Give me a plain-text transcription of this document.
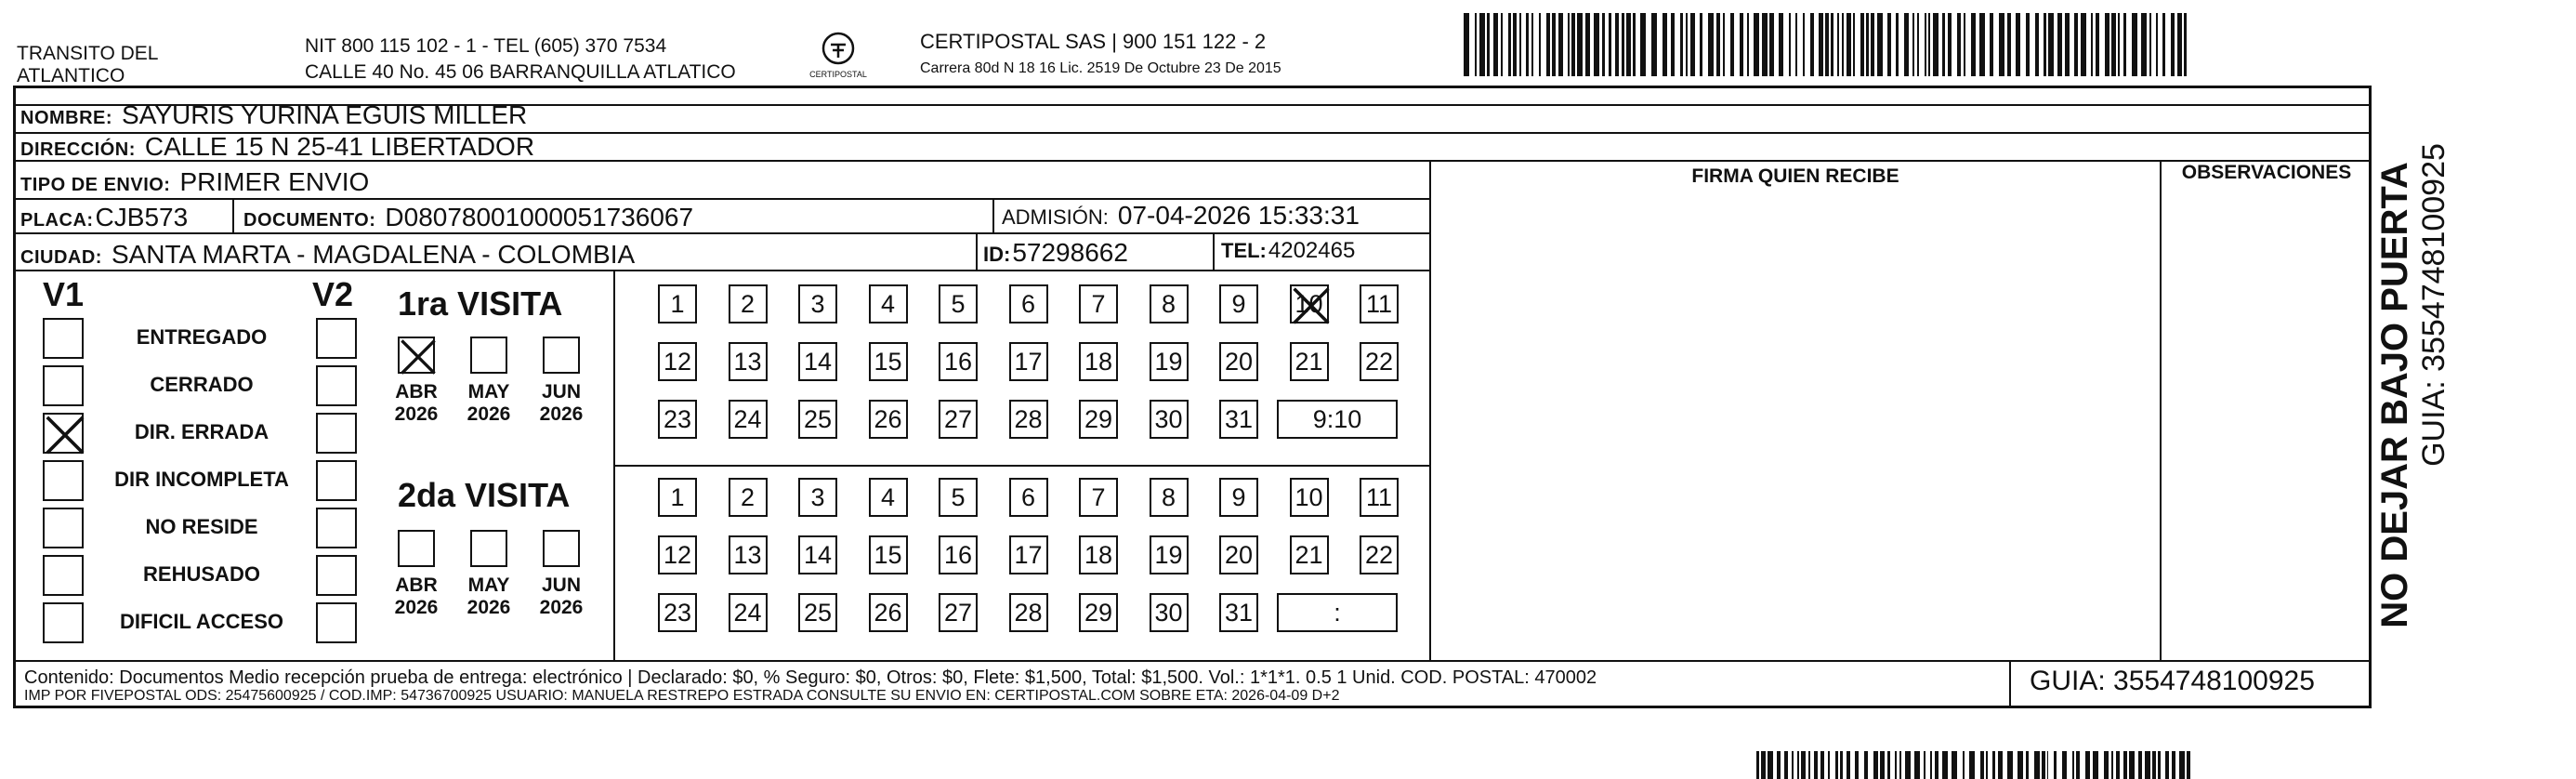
TRANSITO DEL
ATLANTICO
NIT 800 115 102 - 1 - TEL (605) 370 7534
CALLE 40 No. 45 06 BARRANQUILLA ATLATICO	CERTIPOSTAL
CERTIPOSTAL SAS | 900 151 122 - 2
Carrera 80d N 18 16 Lic. 2519 De Octubre 23 De 2015
NOMBRE: SAYURIS YURINA EGUIS MILLER
DIRECCIÓN: CALLE 15 N 25-41 LIBERTADOR
TIPO DE ENVIO: PRIMER ENVIO	FIRMA QUIEN RECIBE	OBSERVACIONES
PLACA: CJB573	DOCUMENTO: D08078001000051736067	ADMISIÓN: 07-04-2026 15:33:31
CIUDAD: SANTA MARTA - MAGDALENA - COLOMBIA	ID: 57298662	TEL: 4202465
V1	V2
ENTREGADO
CERRADO
DIR. ERRADA
DIR INCOMPLETA
NO RESIDE
REHUSADO
DIFICIL ACCESO
1ra VISITA
2da VISITA
ABR
2026
MAY
2026
JUN
2026
1	2	3	4	5	6	7	8	9	10 11
12 13 14 15 16 17 18 19 20 21 22
23 24 25 26 27 28 29 30 31	9:10
ABR
2026
MAY
2026
JUN
2026
1	2	3	4	5	6	7	8	9	10 11
12 13 14 15 16 17 18 19 20 21 22
23 24 25 26 27 28 29 30 31	:	NO DEJAR BAJO PUERTA GUIA: 3554748100925
Contenido: Documentos Medio recepción prueba de entrega: electrónico | Declarado: $0, % Seguro: $0, Otros: $0, Flete: $1,500, Total: $1,500. Vol.: 1*1*1. 0.5 1 Unid. COD. POSTAL: 470002
IMP POR FIVEPOSTAL ODS: 25475600925 / COD.IMP: 54736700925 USUARIO: MANUELA RESTREPO ESTRADA CONSULTE SU ENVIO EN: CERTIPOSTAL.COM SOBRE ETA: 2026-04-09 D+2	GUIA: 3554748100925
